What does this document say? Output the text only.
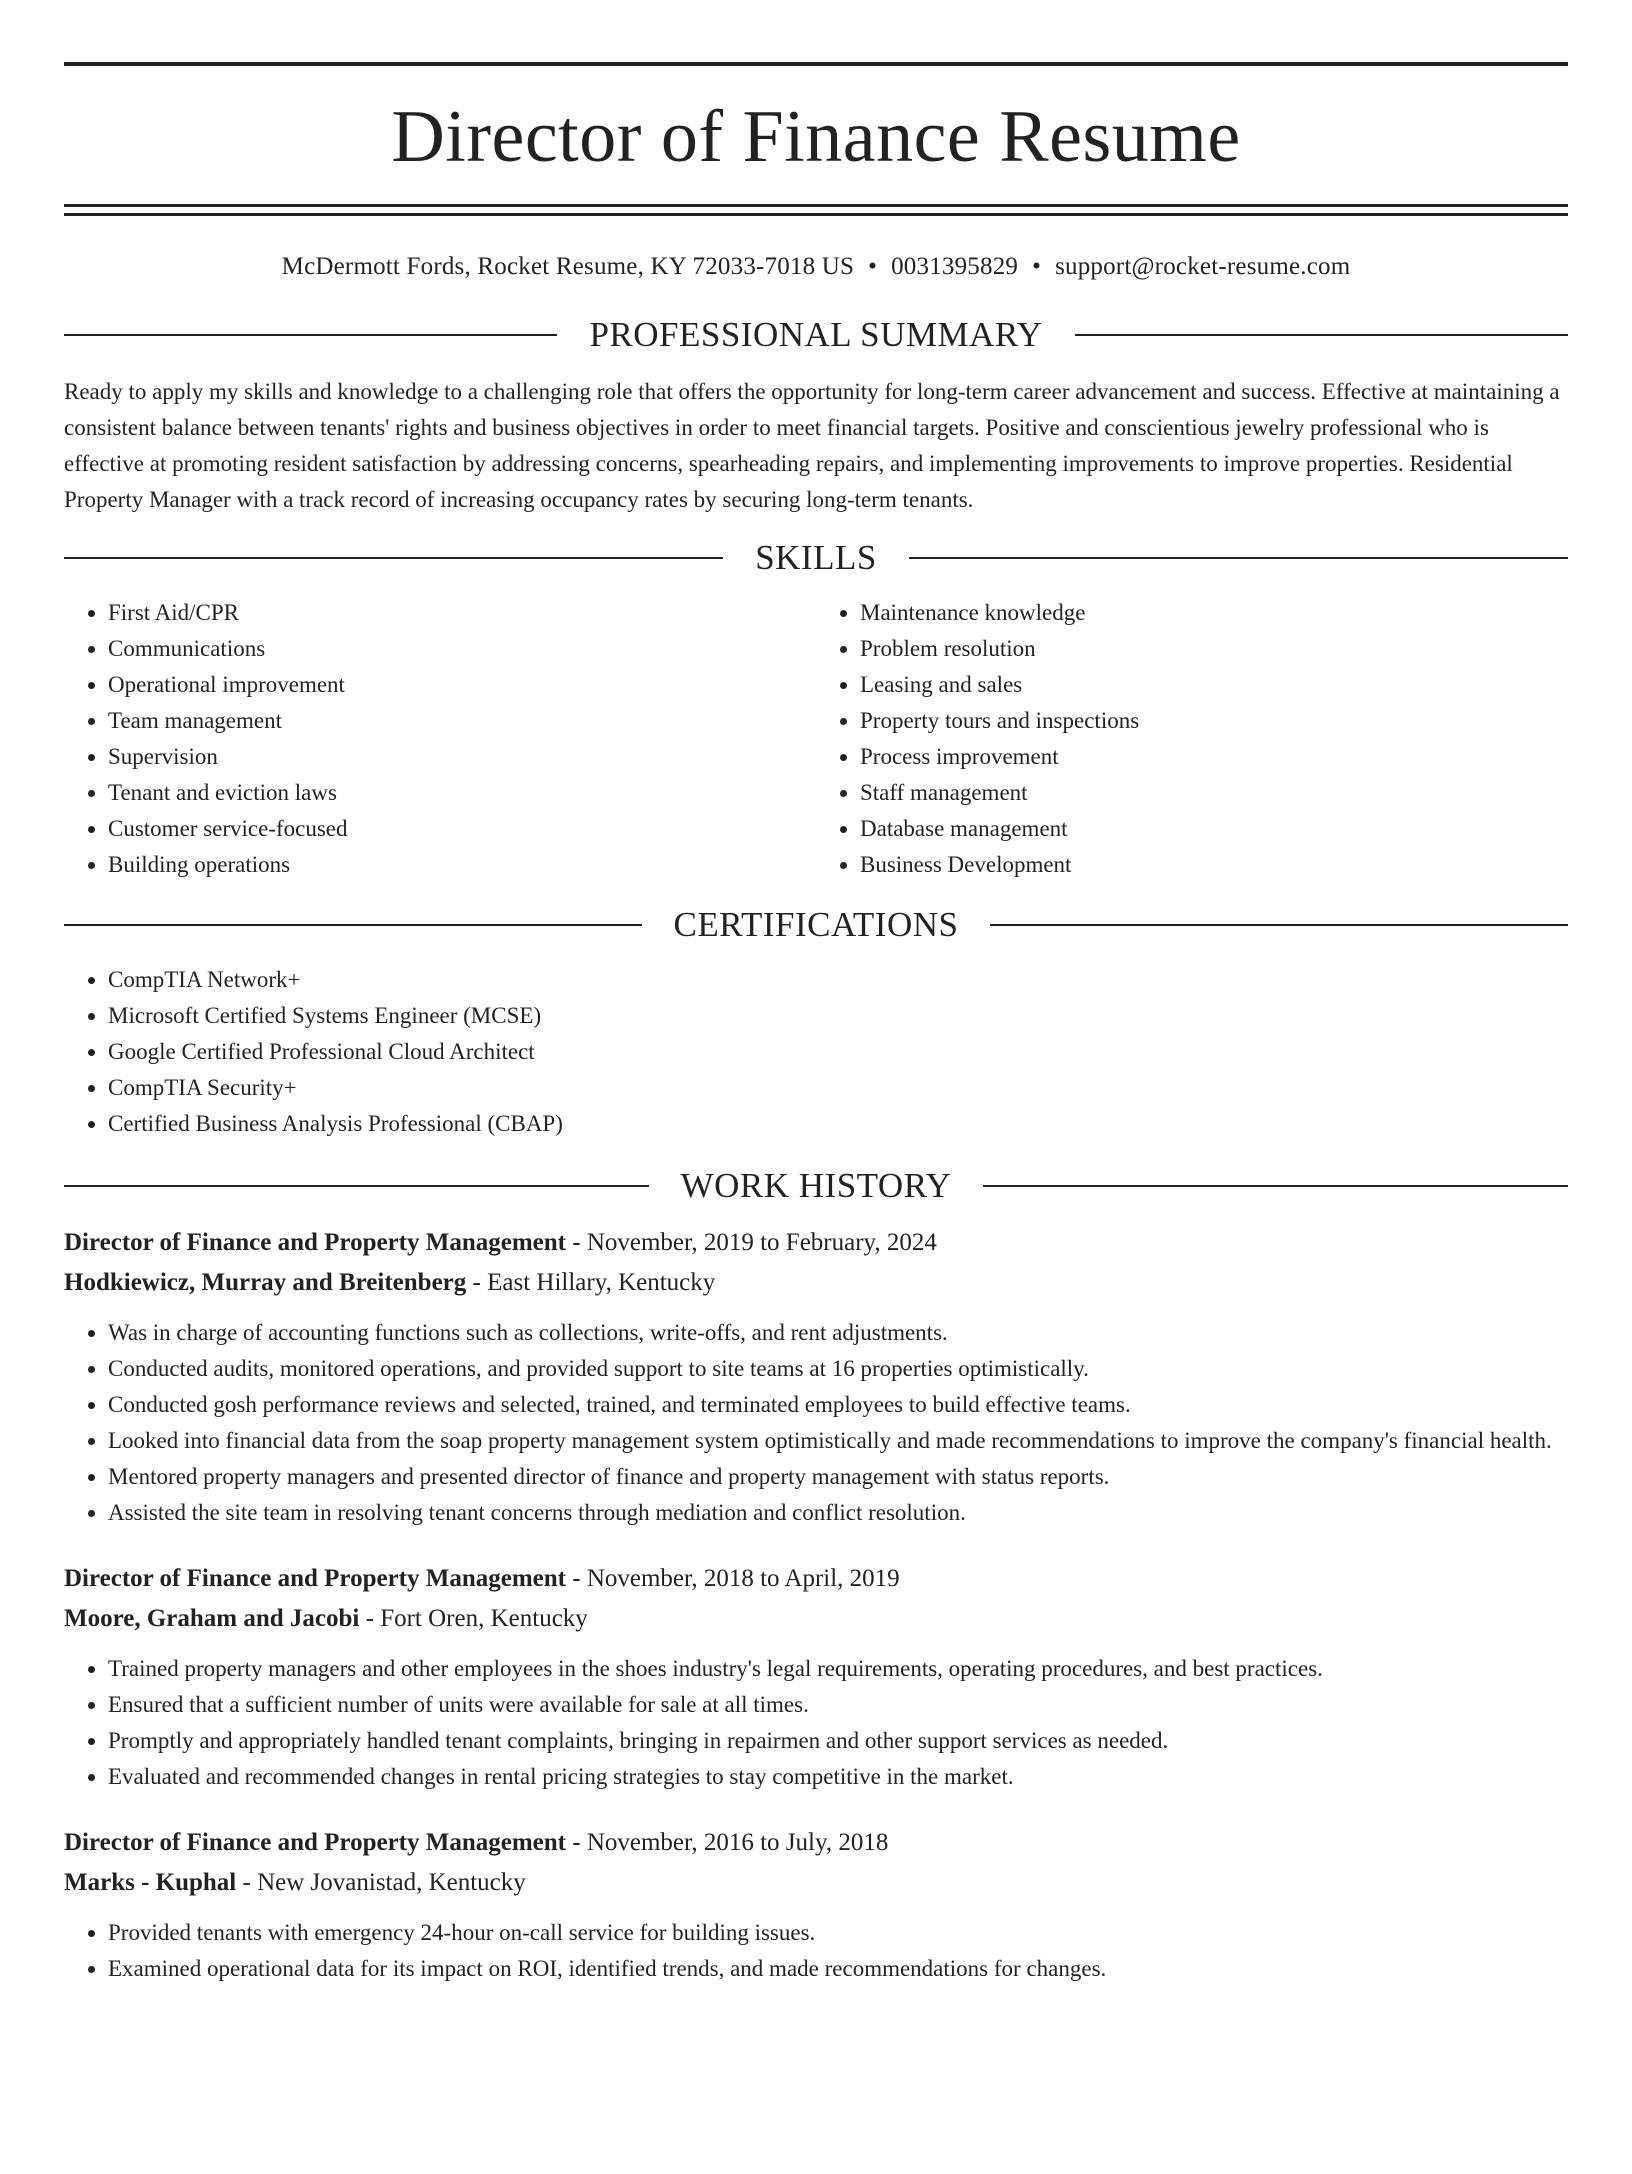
Director of Finance Resume
McDermott Fords, Rocket Resume, KY 72033-7018 US • 0031395829 • support@rocket-resume.com
PROFESSIONAL SUMMARY

Ready to apply my skills and knowledge to a challenging role that offers the opportunity for long-term career advancement and success. Effective at maintaining a consistent balance between tenants' rights and business objectives in order to meet financial targets. Positive and conscientious jewelry professional who is effective at promoting resident satisfaction by addressing concerns, spearheading repairs, and implementing improvements to improve properties. Residential Property Manager with a track record of increasing occupancy rates by securing long-term tenants.

SKILLS
• First Aid/CPR
• Communications
• Operational improvement
• Team management
• Supervision
• Tenant and eviction laws
• Customer service-focused
• Building operations
• Maintenance knowledge
• Problem resolution
• Leasing and sales
• Property tours and inspections
• Process improvement
• Staff management
• Database management
• Business Development
CERTIFICATIONS
• CompTIA Network+
• Microsoft Certified Systems Engineer (MCSE)
• Google Certified Professional Cloud Architect
• CompTIA Security+
• Certified Business Analysis Professional (CBAP)
WORK HISTORY

Director of Finance and Property Management - November, 2019 to February, 2024

Hodkiewicz, Murray and Breitenberg - East Hillary, Kentucky

• Was in charge of accounting functions such as collections, write-offs, and rent adjustments.
• Conducted audits, monitored operations, and provided support to site teams at 16 properties optimistically.
• Conducted gosh performance reviews and selected, trained, and terminated employees to build effective teams.
• Looked into financial data from the soap property management system optimistically and made recommendations to improve the company's financial health.
• Mentored property managers and presented director of finance and property management with status reports.
• Assisted the site team in resolving tenant concerns through mediation and conflict resolution.

Director of Finance and Property Management - November, 2018 to April, 2019

Moore, Graham and Jacobi - Fort Oren, Kentucky

• Trained property managers and other employees in the shoes industry's legal requirements, operating procedures, and best practices.
• Ensured that a sufficient number of units were available for sale at all times.
• Promptly and appropriately handled tenant complaints, bringing in repairmen and other support services as needed.
• Evaluated and recommended changes in rental pricing strategies to stay competitive in the market.

Director of Finance and Property Management - November, 2016 to July, 2018

Marks - Kuphal - New Jovanistad, Kentucky

• Provided tenants with emergency 24-hour on-call service for building issues.
• Examined operational data for its impact on ROI, identified trends, and made recommendations for changes.
